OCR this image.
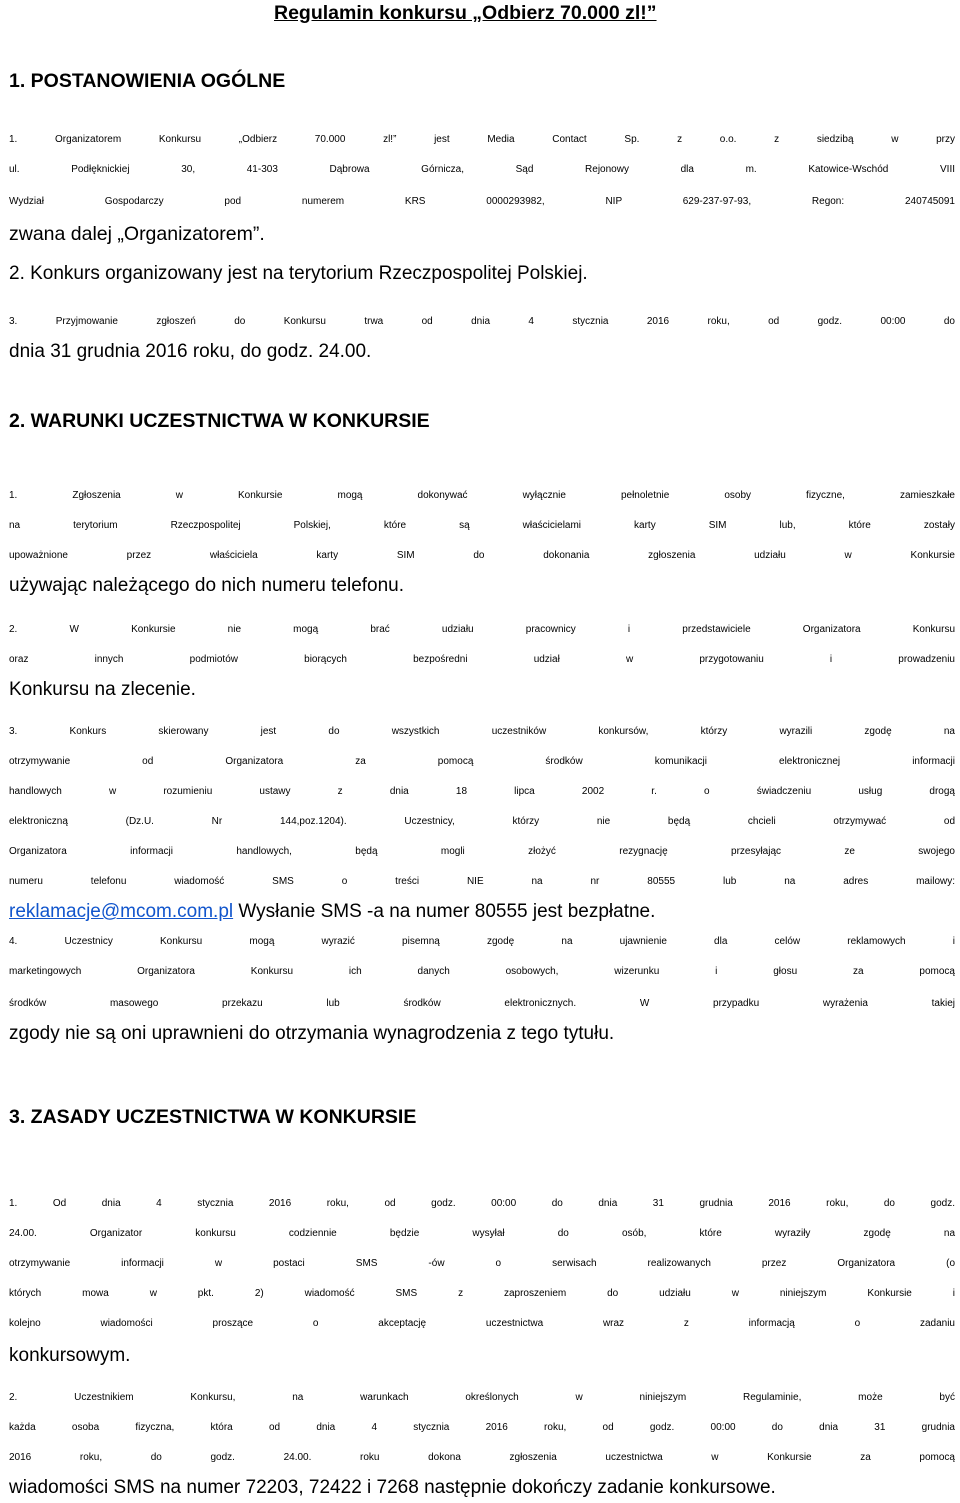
Regulamin konkursu „Odbierz 70.000 zl!”
1. POSTANOWIENIA OGÓLNE
1. Organizatorem Konkursu „Odbierz 70.000 zl!” jest Media Contact Sp. z o.o. z siedzibą w przy
ul. Podłęknickiej 30, 41-303 Dąbrowa Górnicza, Sąd Rejonowy dla m. Katowice-Wschód VIII
Wydział Gospodarczy pod numerem KRS 0000293982, NIP 629-237-97-93, Regon: 240745091
zwana dalej „Organizatorem”.
2. Konkurs organizowany jest na terytorium Rzeczpospolitej Polskiej.
3. Przyjmowanie zgłoszeń do Konkursu trwa od dnia 4 stycznia 2016 roku, od godz. 00:00 do
dnia 31 grudnia 2016 roku, do godz. 24.00.
2. WARUNKI UCZESTNICTWA W KONKURSIE
1. Zgłoszenia w Konkursie mogą dokonywać wyłącznie pełnoletnie osoby fizyczne, zamieszkałe
na terytorium Rzeczpospolitej Polskiej, które są właścicielami karty SIM lub, które zostały
upoważnione przez właściciela karty SIM do dokonania zgłoszenia udziału w Konkursie
używając należącego do nich numeru telefonu.
2. W Konkursie nie mogą brać udziału pracownicy i przedstawiciele Organizatora Konkursu
oraz innych podmiotów biorących bezpośredni udział w przygotowaniu i prowadzeniu
Konkursu na zlecenie.
3. Konkurs skierowany jest do wszystkich uczestników konkursów, którzy wyrazili zgodę na
otrzymywanie od Organizatora za pomocą środków komunikacji elektronicznej informacji
handlowych w rozumieniu ustawy z dnia 18 lipca 2002 r. o świadczeniu usług drogą
elektroniczną (Dz.U. Nr 144,poz.1204). Uczestnicy, którzy nie będą chcieli otrzymywać od
Organizatora informacji handlowych, będą mogli złożyć rezygnację przesyłając ze swojego
numeru telefonu wiadomość SMS o treści NIE na nr 80555 lub na adres mailowy:
reklamacje@mcom.com.pl Wysłanie SMS -a na numer 80555 jest bezpłatne.
4. Uczestnicy Konkursu mogą wyrazić pisemną zgodę na ujawnienie dla celów reklamowych i
marketingowych Organizatora Konkursu ich danych osobowych, wizerunku i głosu za pomocą
środków masowego przekazu lub środków elektronicznych. W przypadku wyrażenia takiej
zgody nie są oni uprawnieni do otrzymania wynagrodzenia z tego tytułu.
3. ZASADY UCZESTNICTWA W KONKURSIE
1. Od dnia 4 stycznia 2016 roku, od godz. 00:00 do dnia 31 grudnia 2016 roku, do godz.
24.00. Organizator konkursu codziennie będzie wysyłał do osób, które wyraziły zgodę na
otrzymywanie informacji w postaci SMS -ów o serwisach realizowanych przez Organizatora (o
których mowa w pkt. 2) wiadomość SMS z zaproszeniem do udziału w niniejszym Konkursie i
kolejno wiadomości proszące o akceptację uczestnictwa wraz z informacją o zadaniu
konkursowym.
2. Uczestnikiem Konkursu, na warunkach określonych w niniejszym Regulaminie, może być
każda osoba fizyczna, która od dnia 4 stycznia 2016 roku, od godz. 00:00 do dnia 31 grudnia
2016 roku, do godz. 24.00. roku dokona zgłoszenia uczestnictwa w Konkursie za pomocą
wiadomości SMS na numer 72203, 72422 i 7268 następnie dokończy zadanie konkursowe.
